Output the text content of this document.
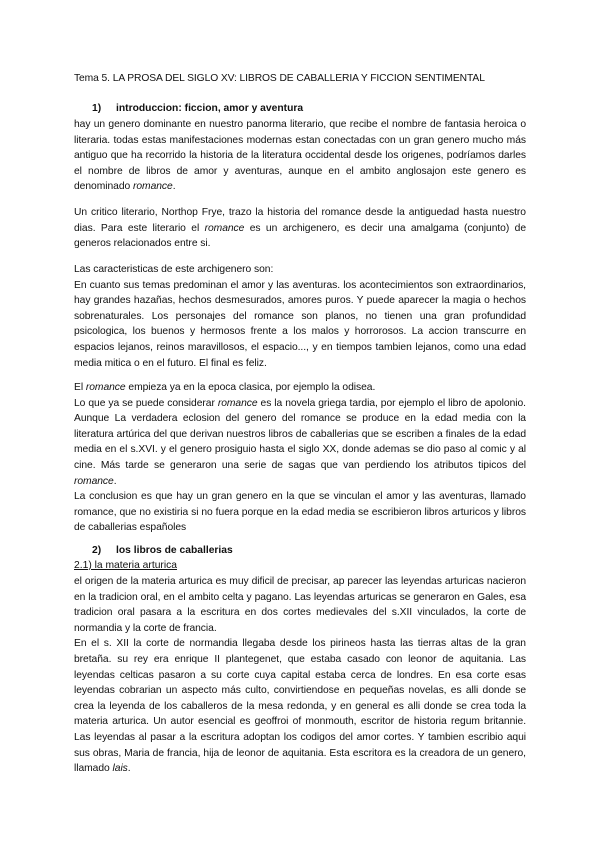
Tema 5. LA PROSA DEL SIGLO XV: LIBROS DE CABALLERIA Y FICCION SENTIMENTAL
1) introduccion: ficcion, amor y aventura
hay un genero dominante en nuestro panorma literario, que recibe el nombre de fantasia heroica o literaria. todas estas manifestaciones modernas estan conectadas con un gran genero mucho más antiguo que ha recorrido la historia de la literatura occidental desde los origenes, podríamos darles el nombre de libros de amor y aventuras, aunque en el ambito anglosajon este genero es denominado romance.
Un critico literario, Northop Frye, trazo la historia del romance desde la antiguedad hasta nuestro dias. Para este literario el romance es un archigenero, es decir una amalgama (conjunto) de generos relacionados entre si.

Las caracteristicas de este archigenero son:

En cuanto sus temas predominan el amor y las aventuras. los acontecimientos son extraordinarios, hay grandes hazañas, hechos desmesurados, amores puros. Y puede aparecer la magia o hechos sobrenaturales. Los personajes del romance son planos, no tienen una gran profundidad psicologica, los buenos y hermosos frente a los malos y horrorosos. La accion transcurre en espacios lejanos, reinos maravillosos, el espacio..., y en tiempos tambien lejanos, como una edad media mitica o en el futuro. El final es feliz.

El romance empieza ya en la epoca clasica, por ejemplo la odisea.

Lo que ya se puede considerar romance es la novela griega tardia, por ejemplo el libro de apolonio. Aunque La verdadera eclosion del genero del romance se produce en la edad media con la literatura artúrica del que derivan nuestros libros de caballerias que se escriben a finales de la edad media en el s.XVI. y el genero prosiguio hasta el siglo XX, donde ademas se dio paso al comic y al cine. Más tarde se generaron una serie de sagas que van perdiendo los atributos tipicos del romance.

La conclusion es que hay un gran genero en la que se vinculan el amor y las aventuras, llamado romance, que no existiria si no fuera porque en la edad media se escribieron libros arturicos y libros de caballerias españoles

2) los libros de caballerias
2.1) la materia arturica

el origen de la materia arturica es muy dificil de precisar, ap parecer las leyendas arturicas nacieron en la tradicion oral, en el ambito celta y pagano. Las leyendas arturicas se generaron en Gales, esa tradicion oral pasara a la escritura en dos cortes medievales del s.XII vinculados, la corte de normandia y la corte de francia.

En el s. XII la corte de normandia llegaba desde los pirineos hasta las tierras altas de la gran bretaña. su rey era enrique II plantegenet, que estaba casado con leonor de aquitania. Las leyendas celticas pasaron a su corte cuya capital estaba cerca de londres. En esa corte esas leyendas cobrarian un aspecto más culto, convirtiendose en pequeñas novelas, es alli donde se crea la leyenda de los caballeros de la mesa redonda, y en general es alli donde se crea toda la materia arturica. Un autor esencial es geoffroi of monmouth, escritor de historia regum britannie. Las leyendas al pasar a la escritura adoptan los codigos del amor cortes. Y tambien escribio aqui sus obras, Maria de francia, hija de leonor de aquitania. Esta escritora es la creadora de un genero, llamado lais.
